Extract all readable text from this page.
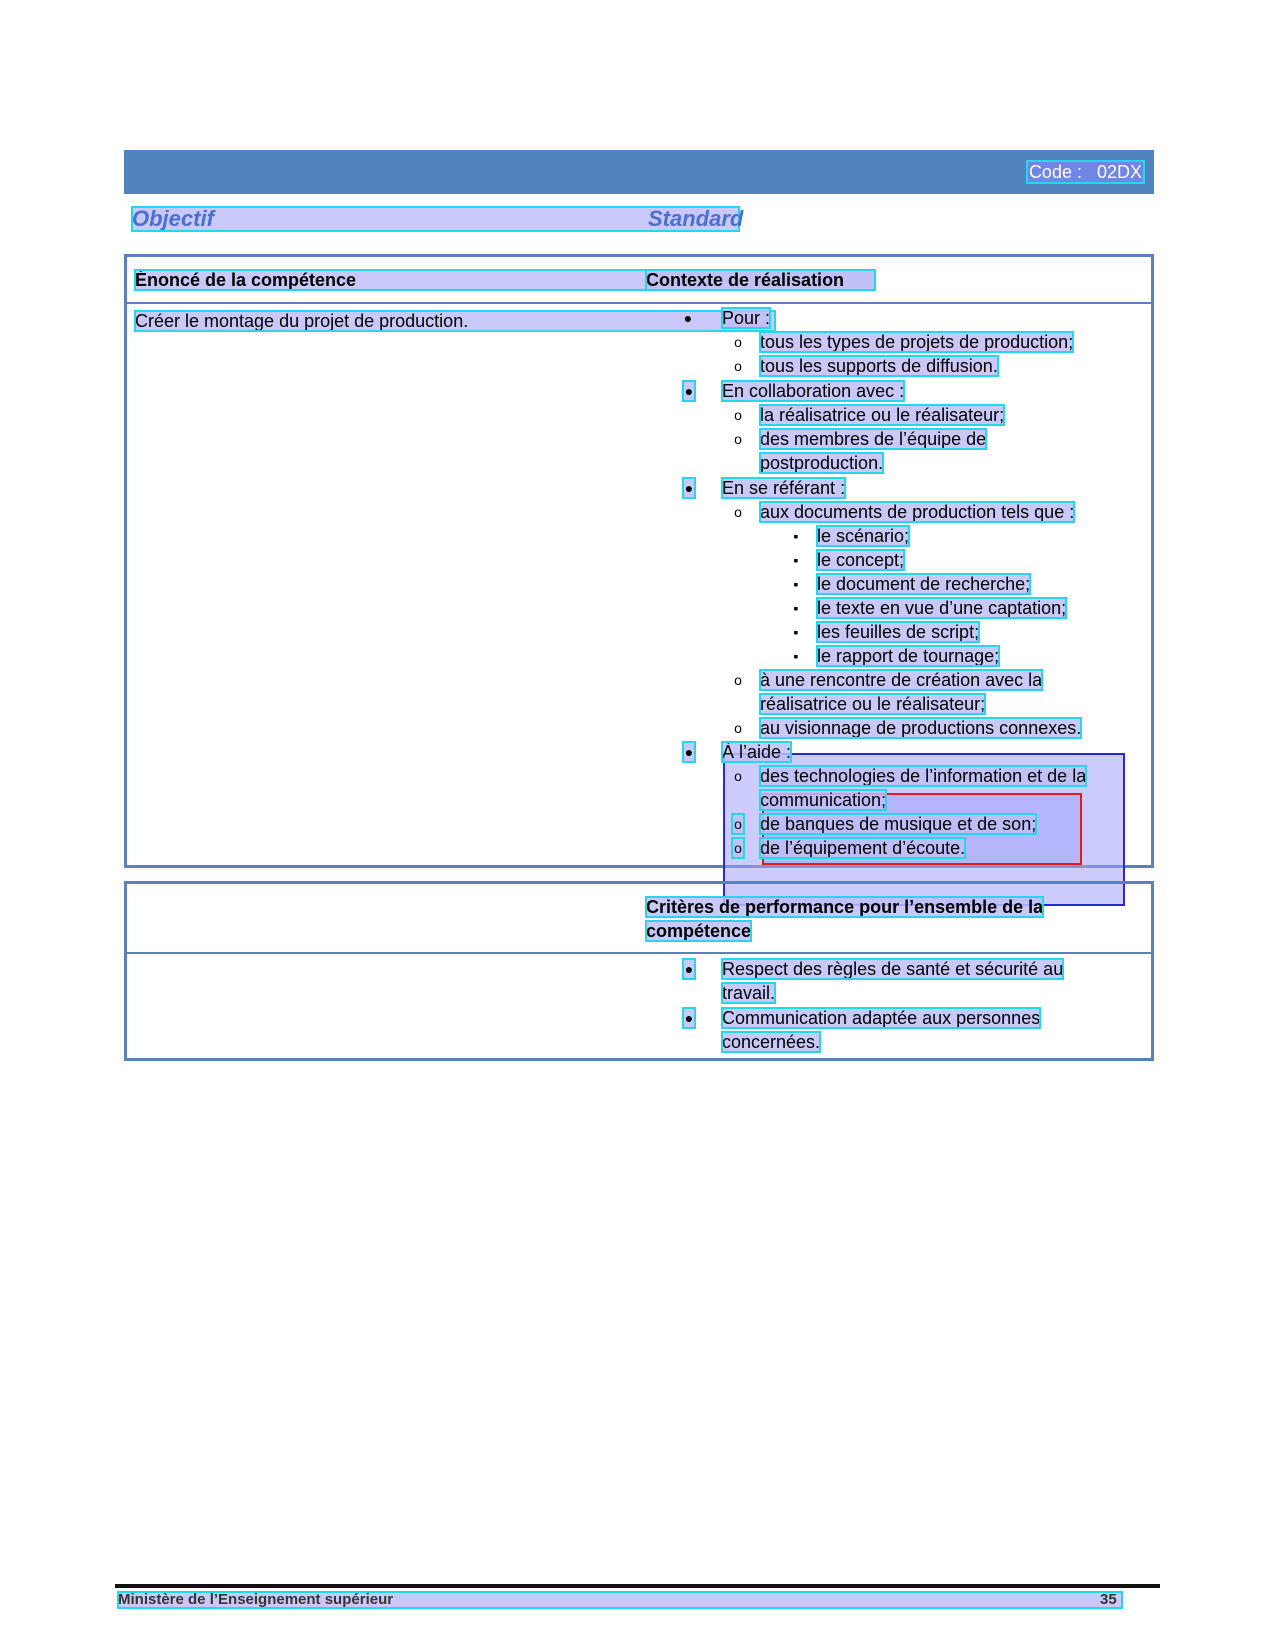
Code :   02DX
Objectif	Standard
Énoncé de la compétence	Contexte de réalisation
Créer le montage du projet de production.	● Pour :
o tous les types de projets de production;
o tous les supports de diffusion.
● En collaboration avec :
o la réalisatrice ou le réalisateur;
o des membres de l’équipe de
postproduction.
● En se référant :
o aux documents de production tels que :
▪ le scénario;
▪ le concept;
▪ le document de recherche;
▪ le texte en vue d’une captation;
▪ les feuilles de script;
▪ le rapport de tournage;
o à une rencontre de création avec la
réalisatrice ou le réalisateur;
o au visionnage de productions connexes.
● À l’aide :
o des technologies de l’information et de la
communication;
o de banques de musique et de son;
o de l’équipement d’écoute.
Critères de performance pour l’ensemble de la
compétence
● Respect des règles de santé et sécurité au
travail.
● Communication adaptée aux personnes
concernées.
Ministère de l’Enseignement supérieur	35
